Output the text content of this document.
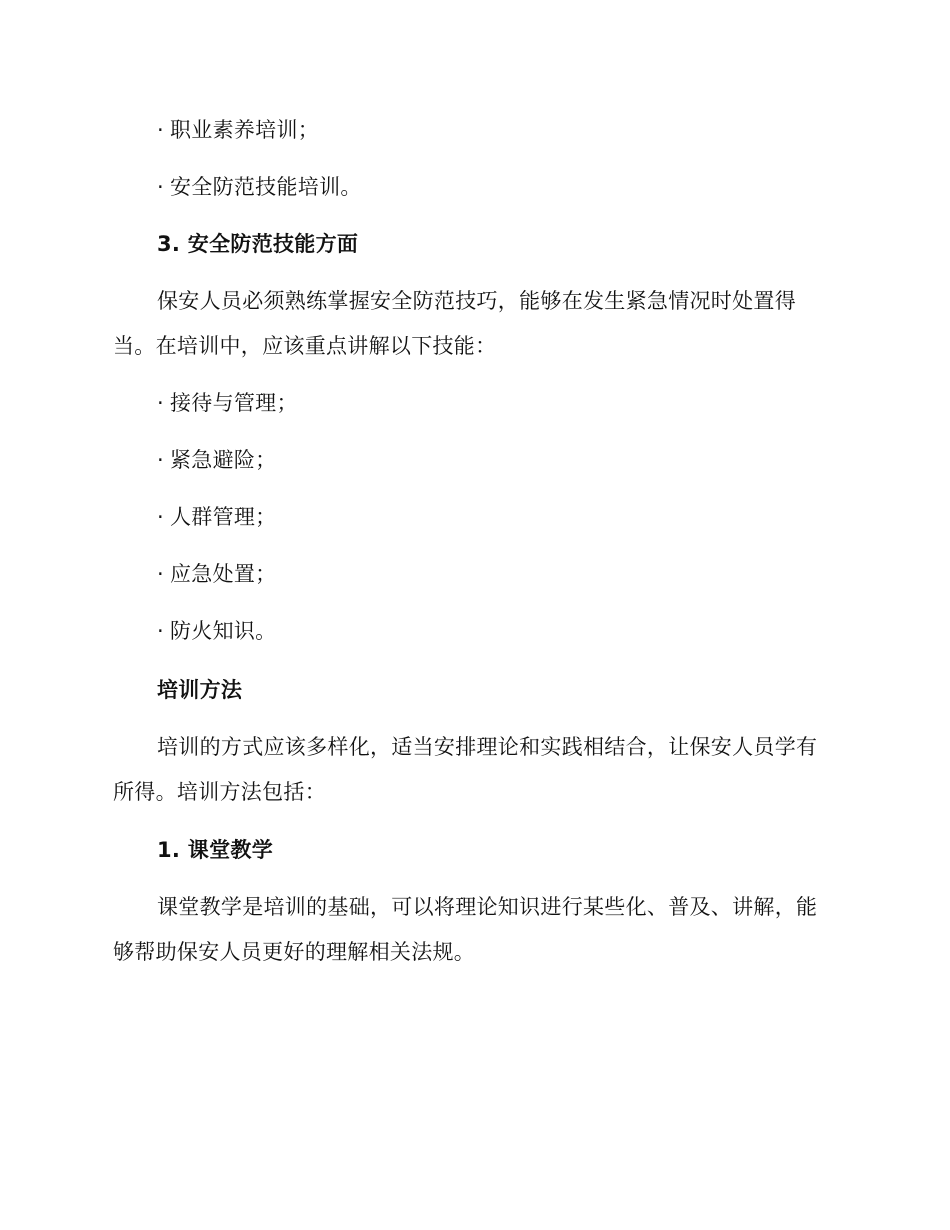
· 职业素养培训；
· 安全防范技能培训。
3. 安全防范技能方面
保安人员必须熟练掌握安全防范技巧，能够在发生紧急情况时处置得
当。在培训中，应该重点讲解以下技能：
· 接待与管理；
· 紧急避险；
· 人群管理；
· 应急处置；
· 防火知识。
培训方法
培训的方式应该多样化，适当安排理论和实践相结合，让保安人员学有
所得。培训方法包括：
1. 课堂教学
课堂教学是培训的基础，可以将理论知识进行某些化、普及、讲解，能
够帮助保安人员更好的理解相关法规。
